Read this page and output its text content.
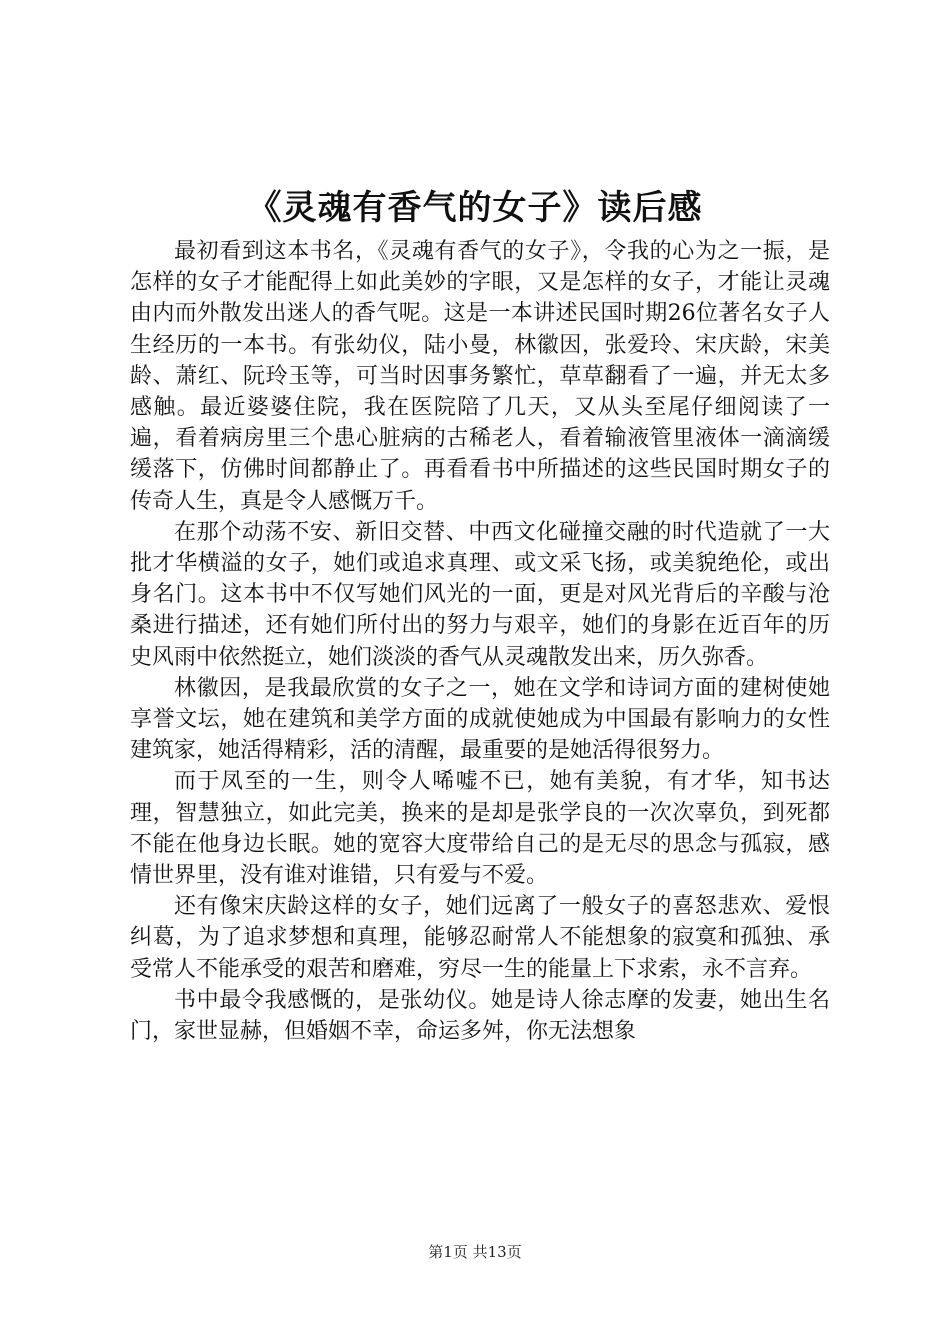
《灵魂有香气的女子》读后感

最初看到这本书名，《灵魂有香气的女子》，令我的心为之一振，是怎样的女子才能配得上如此美妙的字眼，又是怎样的女子，才能让灵魂由内而外散发出迷人的香气呢。这是一本讲述民国时期26位著名女子人生经历的一本书。有张幼仪，陆小曼，林徽因，张爱玲、宋庆龄，宋美龄、萧红、阮玲玉等，可当时因事务繁忙，草草翻看了一遍，并无太多感触。最近婆婆住院，我在医院陪了几天，又从头至尾仔细阅读了一遍，看着病房里三个患心脏病的古稀老人，看着输液管里液体一滴滴缓缓落下，仿佛时间都静止了。再看看书中所描述的这些民国时期女子的传奇人生，真是令人感慨万千。

在那个动荡不安、新旧交替、中西文化碰撞交融的时代造就了一大批才华横溢的女子，她们或追求真理、或文采飞扬，或美貌绝伦，或出身名门。这本书中不仅写她们风光的一面，更是对风光背后的辛酸与沧桑进行描述，还有她们所付出的努力与艰辛，她们的身影在近百年的历史风雨中依然挺立，她们淡淡的香气从灵魂散发出来，历久弥香。

林徽因，是我最欣赏的女子之一，她在文学和诗词方面的建树使她享誉文坛，她在建筑和美学方面的成就使她成为中国最有影响力的女性建筑家，她活得精彩，活的清醒，最重要的是她活得很努力。

而于凤至的一生，则令人唏嘘不已，她有美貌，有才华，知书达理，智慧独立，如此完美，换来的是却是张学良的一次次辜负，到死都不能在他身边长眠。她的宽容大度带给自己的是无尽的思念与孤寂，感情世界里，没有谁对谁错，只有爱与不爱。

还有像宋庆龄这样的女子，她们远离了一般女子的喜怒悲欢、爱恨纠葛，为了追求梦想和真理，能够忍耐常人不能想象的寂寞和孤独、承受常人不能承受的艰苦和磨难，穷尽一生的能量上下求索，永不言弃。

书中最令我感慨的，是张幼仪。她是诗人徐志摩的发妻，她出生名门，家世显赫，但婚姻不幸，命运多舛，你无法想象

第1页 共13页
